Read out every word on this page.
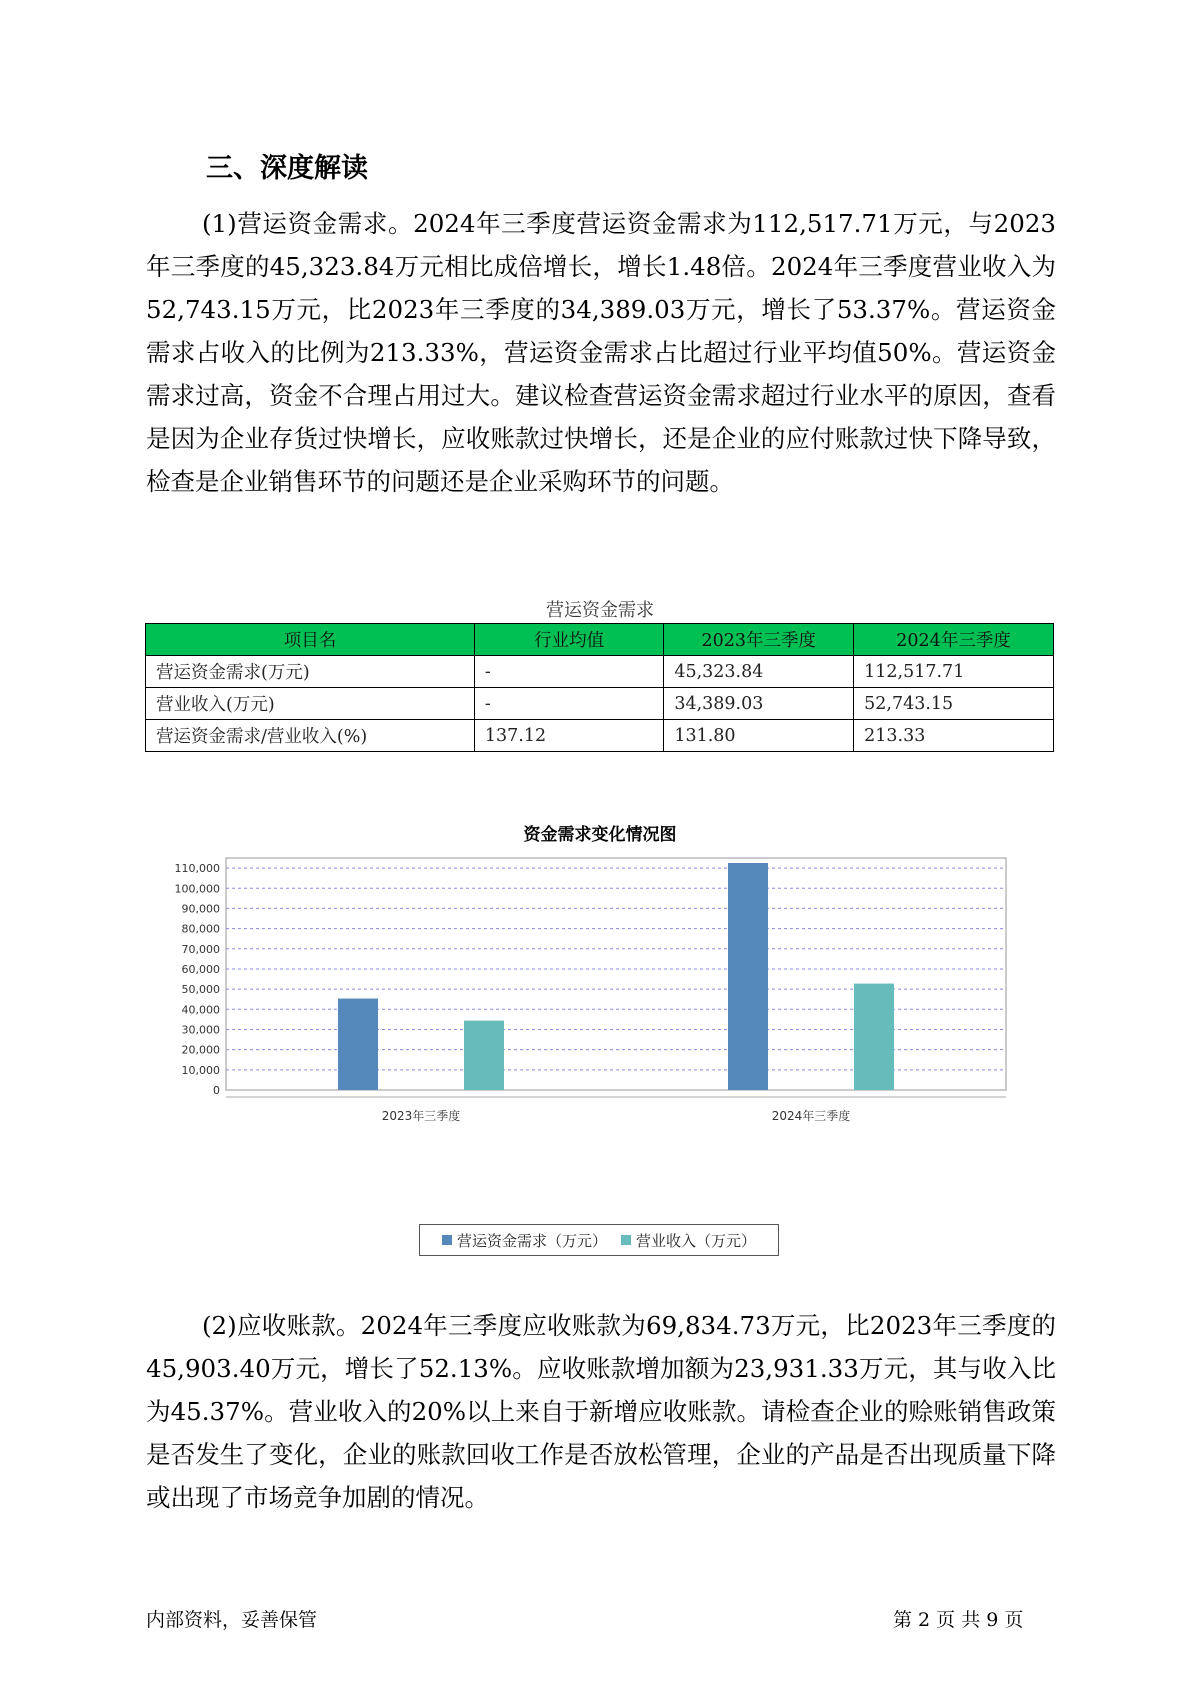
三、深度解读

(1)营运资金需求。2024年三季度营运资金需求为112,517.71万元，与2023年三季度的45,323.84万元相比成倍增长，增长1.48倍。2024年三季度营业收入为52,743.15万元，比2023年三季度的34,389.03万元，增长了53.37%。营运资金需求占收入的比例为213.33%，营运资金需求占比超过行业平均值50%。营运资金需求过高，资金不合理占用过大。建议检查营运资金需求超过行业水平的原因，查看是因为企业存货过快增长，应收账款过快增长，还是企业的应付账款过快下降导致，检查是企业销售环节的问题还是企业采购环节的问题。

营运资金需求
项目名	行业均值	2023年三季度	2024年三季度
营运资金需求(万元)	-	45,323.84	112,517.71
营业收入(万元)	-	34,389.03	52,743.15
营运资金需求/营业收入(%)	137.12	131.80	213.33
资金需求变化情况图
0
10,000
20,000
30,000
40,000
50,000
60,000
70,000
80,000
90,000
100,000
110,000
2023年三季度	2024年三季度
营运资金需求（万元） 营业收入（万元）

(2)应收账款。2024年三季度应收账款为69,834.73万元，比2023年三季度的45,903.40万元，增长了52.13%。应收账款增加额为23,931.33万元，其与收入比为45.37%。营业收入的20%以上来自于新增应收账款。请检查企业的赊账销售政策是否发生了变化，企业的账款回收工作是否放松管理，企业的产品是否出现质量下降或出现了市场竞争加剧的情况。

内部资料，妥善保管	第 2 页 共 9 页
